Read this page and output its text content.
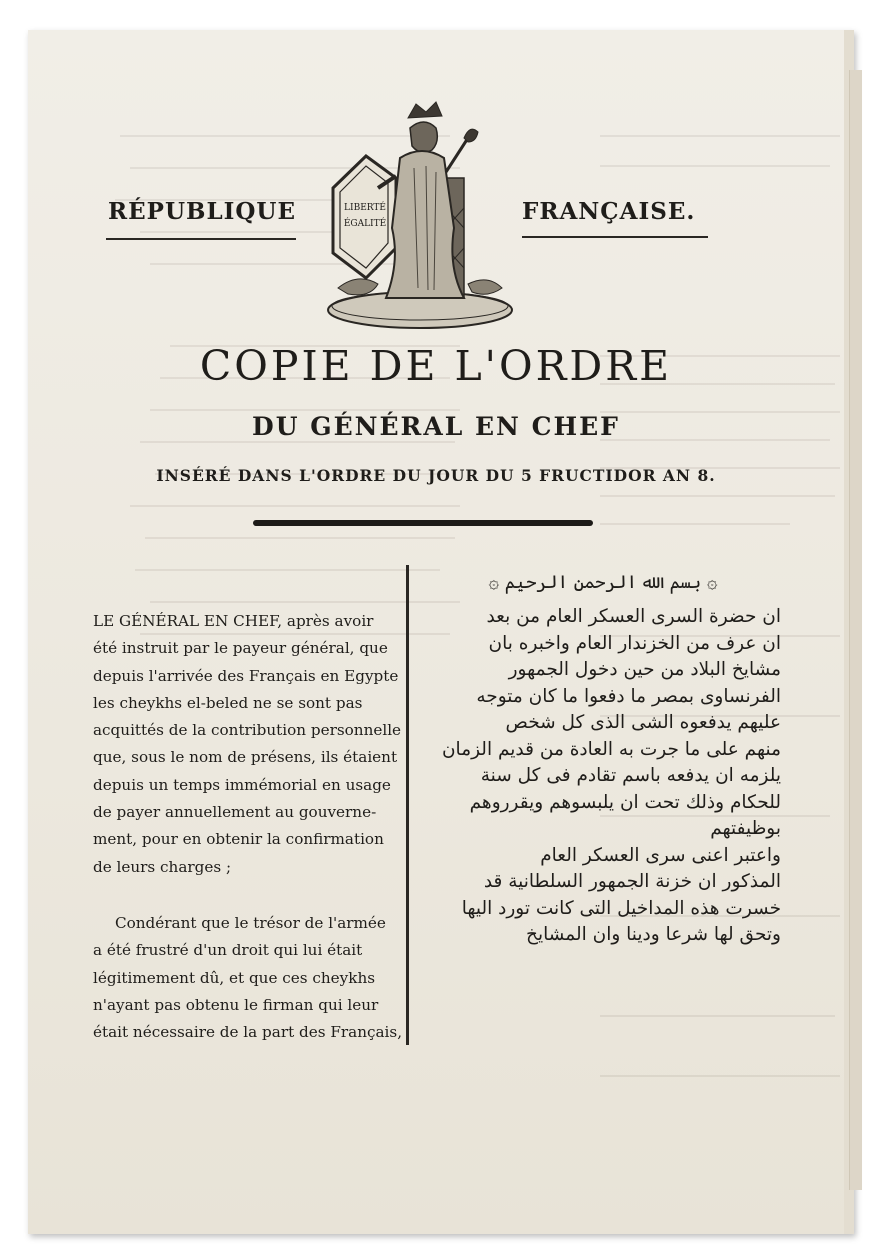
RÉPUBLIQUE	FRANÇAISE.
LIBERTÉ
ÉGALITÉ
COPIE DE L'ORDRE
DU GÉNÉRAL EN CHEF
INSÉRÉ DANS L'ORDRE DU JOUR DU 5 FRUCTIDOR AN 8.
LE GÉNÉRAL EN CHEF, après avoir
été instruit par le payeur général, que
depuis l'arrivée des Français en Egypte
les cheykhs el-beled ne se sont pas
acquittés de la contribution personnelle
que, sous le nom de présens, ils étaient
depuis un temps immémorial en usage
de payer annuellement au gouverne-
ment, pour en obtenir la confirmation
de leurs charges ;
Condérant que le trésor de l'armée
a été frustré d'un droit qui lui était
légitimement dû, et que ces cheykhs
n'ayant pas obtenu le firman qui leur
était nécessaire de la part des Français,
۞ بسم الله الرحمن الرحيم ۞
ان حضرة السرى العسكر العام من بعد
ان عرف من الخزندار العام واخبره بان
مشايخ البلاد من حين دخول الجمهور
الفرنساوى بمصر ما دفعوا ما كان متوجه
عليهم يدفعوه الشى الذى كل شخص
منهم على ما جرت به العادة من قديم الزمان
يلزمه ان يدفعه باسم تقادم فى كل سنة
للحكام وذلك تحت ان يلبسوهم ويقرروهم
بوظيفتهم
واعتبر اعنى سرى العسكر العام
المذكور ان خزنة الجمهور السلطانية قد
خسرت هذه المداخيل التى كانت تورد اليها
وتحق لها شرعا ودينا وان المشايخ
